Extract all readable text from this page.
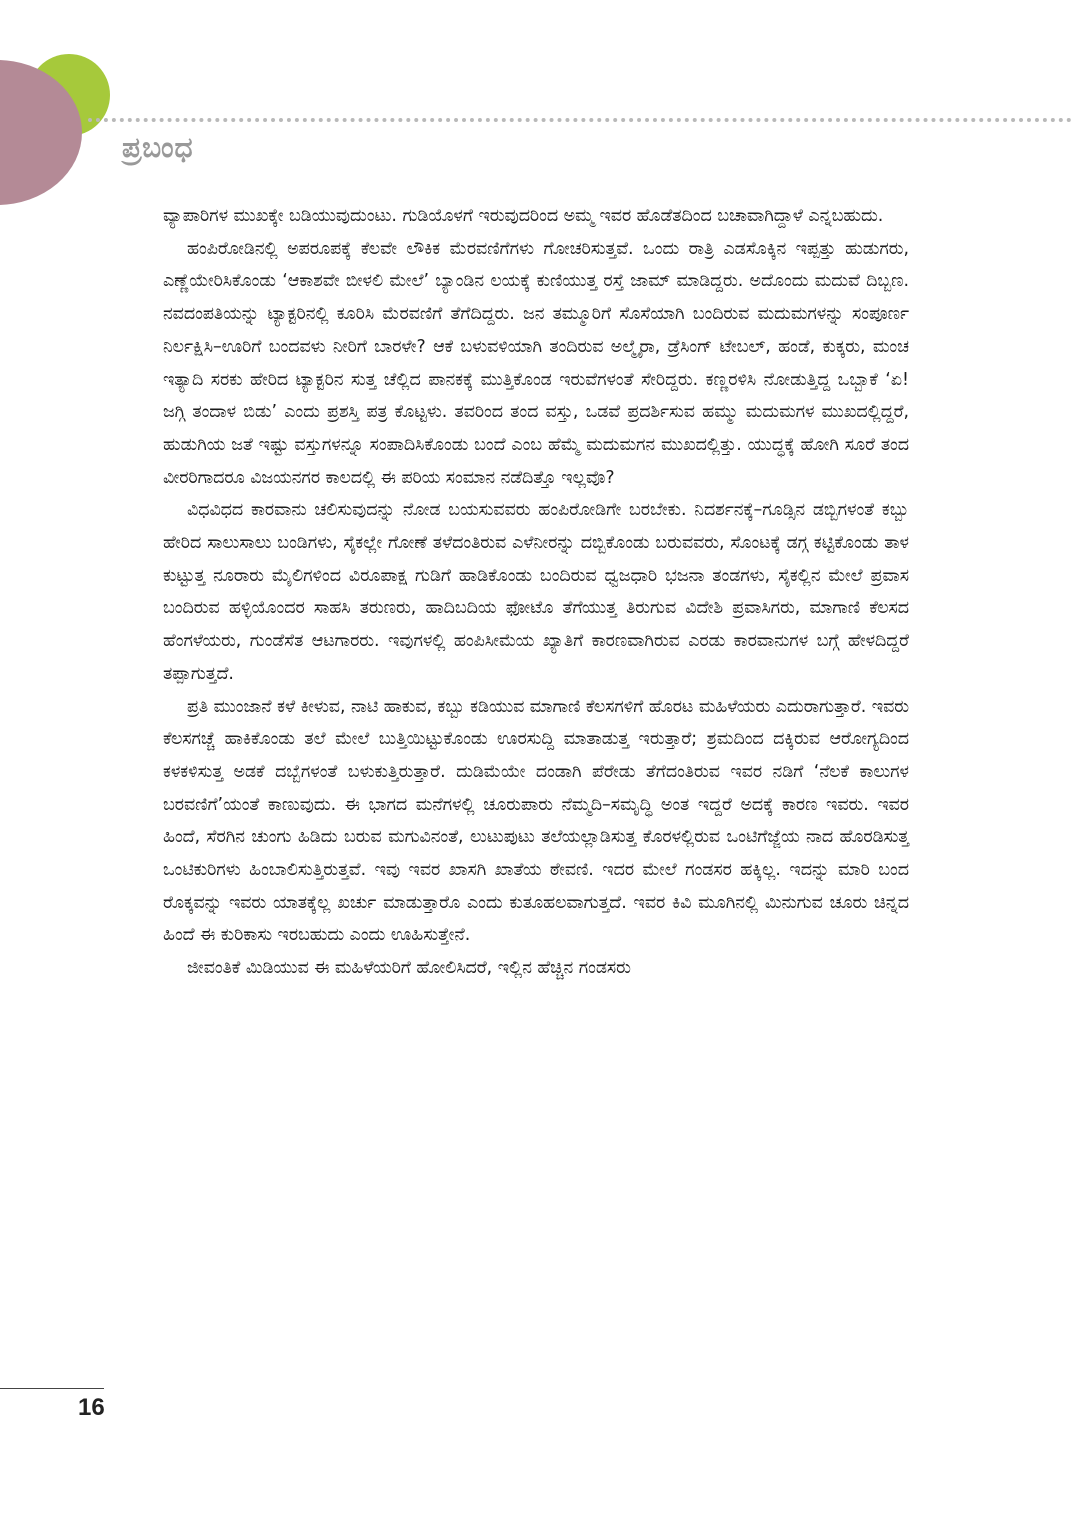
ಪ್ರಬಂಧ

ವ್ಯಾಪಾರಿಗಳ ಮುಖಕ್ಕೇ ಬಡಿಯುವುದುಂಟು. ಗುಡಿಯೊಳಗೆ ಇರುವುದರಿಂದ ಅಮ್ಮ ಇವರ ಹೊಡೆತದಿಂದ ಬಚಾವಾಗಿದ್ದಾಳೆ ಎನ್ನಬಹುದು.

ಹಂಪಿರೋಡಿನಲ್ಲಿ ಅಪರೂಪಕ್ಕೆ ಕೆಲವೇ ಲೌಕಿಕ ಮೆರವಣಿಗೆಗಳು ಗೋಚರಿಸುತ್ತವೆ. ಒಂದು ರಾತ್ರಿ ಎಡಸೊಕ್ಕಿನ ಇಪ್ಪತ್ತು ಹುಡುಗರು, ಎಣ್ಣೆಯೇರಿಸಿಕೊಂಡು ‘ಆಕಾಶವೇ ಬೀಳಲಿ ಮೇಲೆ’ ಬ್ಯಾಂಡಿನ ಲಯಕ್ಕೆ ಕುಣಿಯುತ್ತ ರಸ್ತೆ ಜಾಮ್ ಮಾಡಿದ್ದರು. ಅದೊಂದು ಮದುವೆ ದಿಬ್ಬಣ. ನವದಂಪತಿಯನ್ನು ಟ್ಯಾಕ್ಟರಿನಲ್ಲಿ ಕೂರಿಸಿ ಮೆರವಣಿಗೆ ತೆಗೆದಿದ್ದರು. ಜನ ತಮ್ಮೂರಿಗೆ ಸೊಸೆಯಾಗಿ ಬಂದಿರುವ ಮದುಮಗಳನ್ನು ಸಂಪೂರ್ಣ ನಿರ್ಲಕ್ಷಿಸಿ–ಊರಿಗೆ ಬಂದವಳು ನೀರಿಗೆ ಬಾರಳೇ? ಆಕೆ ಬಳುವಳಿಯಾಗಿ ತಂದಿರುವ ಅಲ್ಮೈರಾ, ಡ್ರೆಸಿಂಗ್ ಟೇಬಲ್, ಹಂಡೆ, ಕುಕ್ಕರು, ಮಂಚ ಇತ್ಯಾದಿ ಸರಕು ಹೇರಿದ ಟ್ಯಾಕ್ಟರಿನ ಸುತ್ತ ಚೆಲ್ಲಿದ ಪಾನಕಕ್ಕೆ ಮುತ್ತಿಕೊಂಡ ಇರುವೆಗಳಂತೆ ಸೇರಿದ್ದರು. ಕಣ್ಣರಳಿಸಿ ನೋಡುತ್ತಿದ್ದ ಒಬ್ಬಾಕೆ ‘ಏ! ಜಗ್ಗಿ ತಂದಾಳ ಬಿಡು’ ಎಂದು ಪ್ರಶಸ್ತಿ ಪತ್ರ ಕೊಟ್ಟಳು. ತವರಿಂದ ತಂದ ವಸ್ತು, ಒಡವೆ ಪ್ರದರ್ಶಿಸುವ ಹಮ್ಮು ಮದುಮಗಳ ಮುಖದಲ್ಲಿದ್ದರೆ, ಹುಡುಗಿಯ ಜತೆ ಇಷ್ಟು ವಸ್ತುಗಳನ್ನೂ ಸಂಪಾದಿಸಿಕೊಂಡು ಬಂದೆ ಎಂಬ ಹೆಮ್ಮೆ ಮದುಮಗನ ಮುಖದಲ್ಲಿತ್ತು. ಯುದ್ಧಕ್ಕೆ ಹೋಗಿ ಸೂರೆ ತಂದ ವೀರರಿಗಾದರೂ ವಿಜಯನಗರ ಕಾಲದಲ್ಲಿ ಈ ಪರಿಯ ಸಂಮಾನ ನಡೆದಿತ್ತೊ ಇಲ್ಲವೊ?

ವಿಧವಿಧದ ಕಾರವಾನು ಚಲಿಸುವುದನ್ನು ನೋಡ ಬಯಸುವವರು ಹಂಪಿರೋಡಿಗೇ ಬರಬೇಕು. ನಿದರ್ಶನಕ್ಕೆ–ಗೂಡ್ಸಿನ ಡಬ್ಬಿಗಳಂತೆ ಕಬ್ಬು ಹೇರಿದ ಸಾಲುಸಾಲು ಬಂಡಿಗಳು, ಸೈಕಲ್ಲೇ ಗೋಣೆ ತಳೆದಂತಿರುವ ಎಳೆನೀರನ್ನು ದಬ್ಬಿಕೊಂಡು ಬರುವವರು, ಸೊಂಟಕ್ಕೆ ಡಗ್ಗ ಕಟ್ಟಿಕೊಂಡು ತಾಳ ಕುಟ್ಟುತ್ತ ನೂರಾರು ಮೈಲಿಗಳಿಂದ ವಿರೂಪಾಕ್ಷ ಗುಡಿಗೆ ಹಾಡಿಕೊಂಡು ಬಂದಿರುವ ಧ್ವಜಧಾರಿ ಭಜನಾ ತಂಡಗಳು, ಸೈಕಲ್ಲಿನ ಮೇಲೆ ಪ್ರವಾಸ ಬಂದಿರುವ ಹಳ್ಳಿಯೊಂದರ ಸಾಹಸಿ ತರುಣರು, ಹಾದಿಬದಿಯ ಫೋಟೊ ತೆಗೆಯುತ್ತ ತಿರುಗುವ ವಿದೇಶಿ ಪ್ರವಾಸಿಗರು, ಮಾಗಾಣಿ ಕೆಲಸದ ಹೆಂಗಳೆಯರು, ಗುಂಡೆಸೆತ ಆಟಗಾರರು. ಇವುಗಳಲ್ಲಿ ಹಂಪಿಸೀಮೆಯ ಖ್ಯಾತಿಗೆ ಕಾರಣವಾಗಿರುವ ಎರಡು ಕಾರವಾನುಗಳ ಬಗ್ಗೆ ಹೇಳದಿದ್ದರೆ ತಪ್ಪಾಗುತ್ತದೆ.

ಪ್ರತಿ ಮುಂಜಾನೆ ಕಳೆ ಕೀಳುವ, ನಾಟಿ ಹಾಕುವ, ಕಬ್ಬು ಕಡಿಯುವ ಮಾಗಾಣಿ ಕೆಲಸಗಳಿಗೆ ಹೊರಟ ಮಹಿಳೆಯರು ಎದುರಾಗುತ್ತಾರೆ. ಇವರು ಕೆಲಸಗಚ್ಚೆ ಹಾಕಿಕೊಂಡು ತಲೆ ಮೇಲೆ ಬುತ್ತಿಯಿಟ್ಟುಕೊಂಡು ಊರಸುದ್ದಿ ಮಾತಾಡುತ್ತ ಇರುತ್ತಾರೆ; ಶ್ರಮದಿಂದ ದಕ್ಕಿರುವ ಆರೋಗ್ಯದಿಂದ ಕಳಕಳಿಸುತ್ತ ಅಡಕೆ ದಬ್ಬೆಗಳಂತೆ ಬಳುಕುತ್ತಿರುತ್ತಾರೆ. ದುಡಿಮೆಯೇ ದಂಡಾಗಿ ಪೆರೇಡು ತೆಗೆದಂತಿರುವ ಇವರ ನಡಿಗೆ ‘ನೆಲಕೆ ಕಾಲುಗಳ ಬರವಣಿಗೆ’ಯಂತೆ ಕಾಣುವುದು. ಈ ಭಾಗದ ಮನೆಗಳಲ್ಲಿ ಚೂರುಪಾರು ನೆಮ್ಮದಿ–ಸಮೃದ್ಧಿ ಅಂತ ಇದ್ದರೆ ಅದಕ್ಕೆ ಕಾರಣ ಇವರು. ಇವರ ಹಿಂದೆ, ಸೆರಗಿನ ಚುಂಗು ಹಿಡಿದು ಬರುವ ಮಗುವಿನಂತೆ, ಲುಟುಪುಟು ತಲೆಯಲ್ಲಾಡಿಸುತ್ತ ಕೊರಳಲ್ಲಿರುವ ಒಂಟಿಗೆಜ್ಜೆಯ ನಾದ ಹೊರಡಿಸುತ್ತ ಒಂಟಿಕುರಿಗಳು ಹಿಂಬಾಲಿಸುತ್ತಿರುತ್ತವೆ. ಇವು ಇವರ ಖಾಸಗಿ ಖಾತೆಯ ಠೇವಣಿ. ಇದರ ಮೇಲೆ ಗಂಡಸರ ಹಕ್ಕಿಲ್ಲ. ಇದನ್ನು ಮಾರಿ ಬಂದ ರೊಕ್ಕವನ್ನು ಇವರು ಯಾತಕ್ಕೆಲ್ಲ ಖರ್ಚು ಮಾಡುತ್ತಾರೊ ಎಂದು ಕುತೂಹಲವಾಗುತ್ತದೆ. ಇವರ ಕಿವಿ ಮೂಗಿನಲ್ಲಿ ಮಿನುಗುವ ಚೂರು ಚಿನ್ನದ ಹಿಂದೆ ಈ ಕುರಿಕಾಸು ಇರಬಹುದು ಎಂದು ಊಹಿಸುತ್ತೇನೆ.

ಜೀವಂತಿಕೆ ಮಿಡಿಯುವ ಈ ಮಹಿಳೆಯರಿಗೆ ಹೋಲಿಸಿದರೆ, ಇಲ್ಲಿನ ಹೆಚ್ಚಿನ ಗಂಡಸರು

16
